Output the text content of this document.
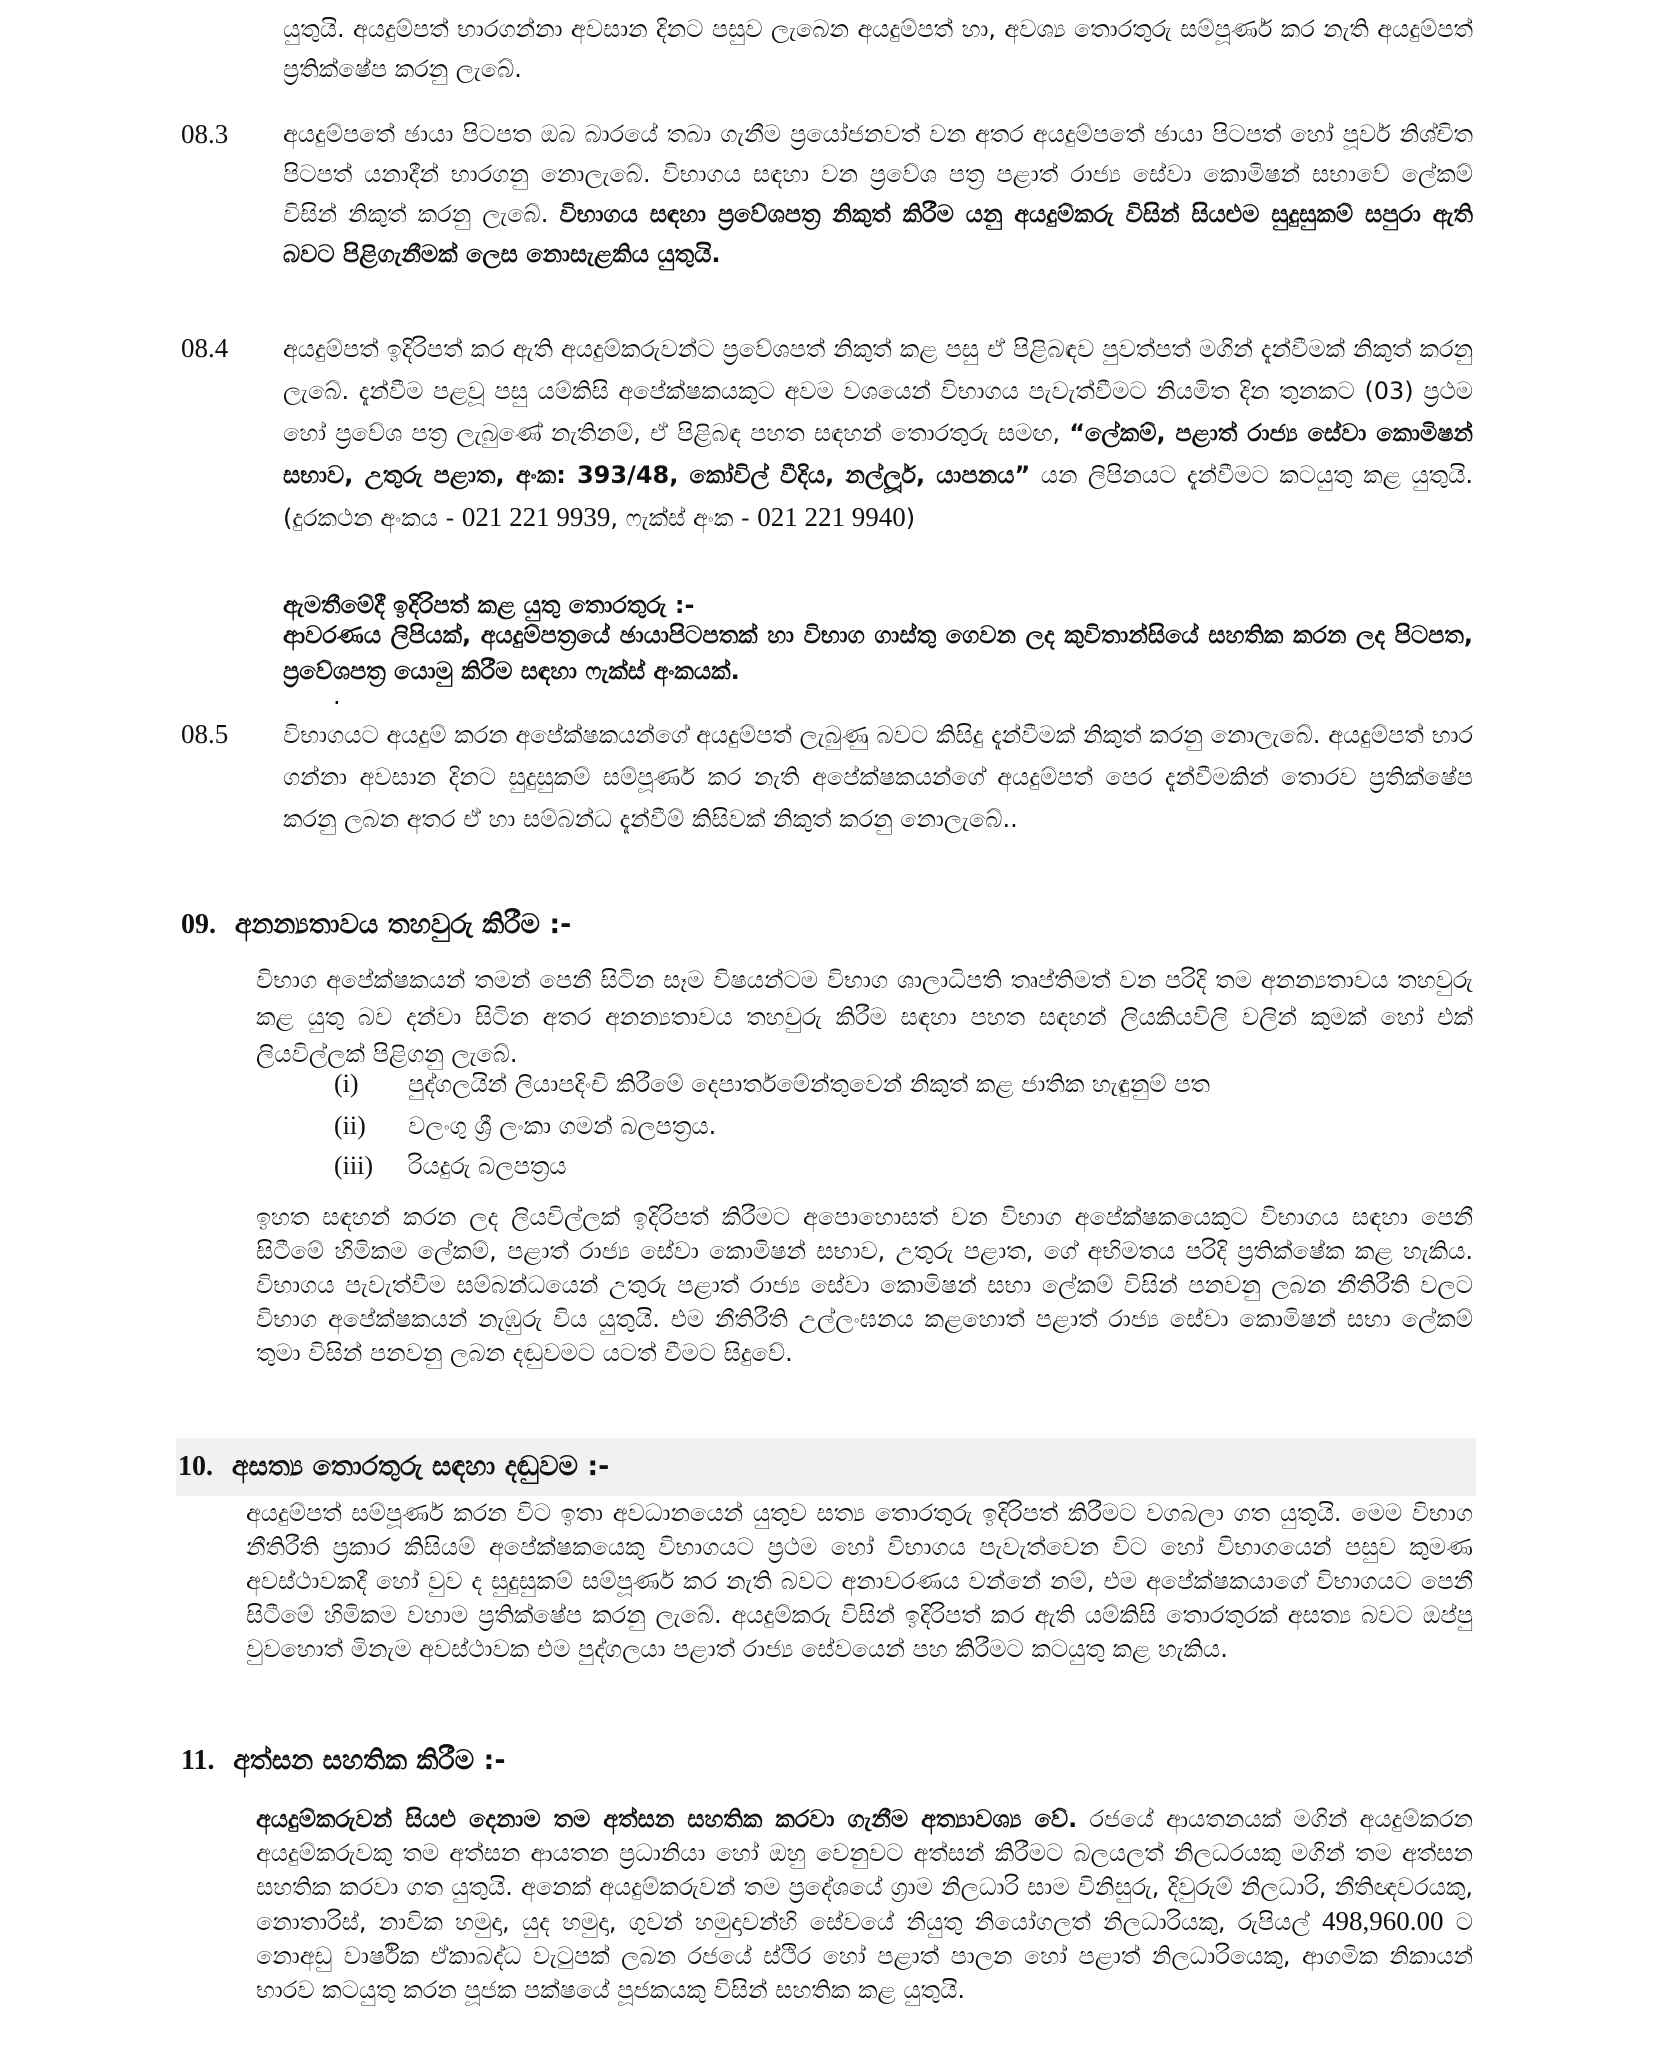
යුතුයි. අයදුම්පත් භාරගන්නා අවසාන දිනට පසුව ලැබෙන අයදුම්පත් හා, අවශ්‍ය තොරතුරු සම්පූර්ණ කර නැති අයදුම්පත් ප්‍රතික්ෂේප කරනු ලැබේ.
08.3 අයදුම්පතේ ඡායා පිටපත ඔබ බාරයේ තබා ගැනීම ප්‍රයෝජනවත් වන අතර අයදුම්පතේ ඡායා පිටපත් හෝ පූර්ව නිශ්චිත පිටපත් යනාදීන් භාරගනු නොලැබේ. විභාගය සඳහා වන ප්‍රවේශ පත්‍ර පළාත් රාජ්‍ය සේවා කොමිෂන් සභාවේ ලේකම් විසින් නිකුත් කරනු ලැබේ. විභාගය සඳහා ප්‍රවේශපත්‍ර නිකුත් කිරීම යනු අයදුම්කරු විසින් සියළුම සුදුසුකම් සපුරා ඇති බවට පිළිගැනීමක් ලෙස නොසැළකිය යුතුයි.
08.4 අයදුම්පත් ඉදිරිපත් කර ඇති අයදුම්කරුවන්ට ප්‍රවේශපත් නිකුත් කළ පසු ඒ පිළිබඳව පුවත්පත් මගින් දැන්වීමක් නිකුත් කරනු ලැබේ. දැන්වීම පළවූ පසු යම්කිසි අපේක්ෂකයකුට අවම වශයෙන් විභාගය පැවැත්වීමට නියමිත දින තුනකට (03) ප්‍රථම හෝ ප්‍රවේශ පත්‍ර ලැබුණේ නැතිනම්, ඒ පිළිබඳ පහත සඳහන් තොරතුරු සමඟ, “ලේකම්, පළාත් රාජ්‍ය සේවා කොමිෂන් සභාව, උතුරු පළාත, අංක: 393/48, කෝවිල් වීදිය, නල්ලූර්, යාපනය” යන ලිපිනයට දැන්වීමට කටයුතු කළ යුතුයි. (දුරකථන අංකය - 021 221 9939, ෆැක්ස් අංක - 021 221 9940)
ඇමතීමේදී ඉදිරිපත් කළ යුතු තොරතුරු :-
ආවරණය ලිපියක්, අයදුම්පත්‍රයේ ඡායාපිටපතක් හා විභාග ගාස්තු ගෙවන ලද කුවිතාන්සියේ සහතික කරන ලද පිටපත, ප්‍රවේශපත්‍ර යොමු කිරීම සඳහා ෆැක්ස් අංකයක්.
.
08.5 විභාගයට අයදුම් කරන අපේක්ෂකයන්ගේ අයදුම්පත් ලැබුණු බවට කිසිදු දැන්වීමක් නිකුත් කරනු නොලැබේ. අයදුම්පත් භාර ගන්නා අවසාන දිනට සුදුසුකම් සම්පූර්ණ කර නැති අපේක්ෂකයන්ගේ අයදුම්පත් පෙර දැන්වීමකින් තොරව ප්‍රතික්ෂේප කරනු ලබන අතර ඒ හා සම්බන්ධ දැන්වීම් කිසිවක් නිකුත් කරනු නොලැබේ..
09. අනන්‍යතාවය තහවුරු කිරීම :-
විභාග අපේක්ෂකයන් තමන් පෙනී සිටින සෑම විෂයන්ටම විභාග ශාලාධිපති තෘප්තිමත් වන පරිදි තම අනන්‍යතාවය තහවුරු කළ යුතු බව දන්වා සිටින අතර අනන්‍යතාවය තහවුරු කිරීම සඳහා පහත සඳහන් ලියකියවිලි වලින් කුමක් හෝ එක් ලියවිල්ලක් පිළිගනු ලැබේ.
(i) පුද්ගලයින් ලියාපදිංචි කිරීමේ දෙපාර්තමේන්තුවෙන් නිකුත් කළ ජාතික හැඳුනුම් පත
(ii) වලංගු ශ්‍රී ලංකා ගමන් බලපත්‍රය.
(iii) රියදුරු බලපත්‍රය
ඉහත සඳහන් කරන ලද ලියවිල්ලක් ඉදිරිපත් කිරීමට අපොහොසත් වන විභාග අපේක්ෂකයෙකුට විභාගය සඳහා පෙනී සිටීමේ හිමිකම ලේකම්, පළාත් රාජ්‍ය සේවා කොමිෂන් සභාව, උතුරු පළාත, ගේ අභිමතය පරිදි ප්‍රතික්ෂේක කළ හැකිය. විභාගය පැවැත්වීම සම්බන්ධයෙන් උතුරු පළාත් රාජ්‍ය සේවා කොමිෂන් සභා ලේකම් විසින් පනවනු ලබන නීතිරීති වලට විභාග අපේක්ෂකයන් නැඹුරු විය යුතුයි. එම නීතිරීති උල්ලංඝනය කළහොත් පළාත් රාජ්‍ය සේවා කොමිෂන් සභා ලේකම් තුමා විසින් පනවනු ලබන දඬුවමට යටත් වීමට සිදුවේ.
10. අසත්‍ය තොරතුරු සඳහා දඬුවම :-
අයදුම්පත් සම්පූර්ණ කරන විට ඉතා අවධානයෙන් යුතුව සත්‍ය තොරතුරු ඉදිරිපත් කිරීමට වගබලා ගත යුතුයි. මෙම විභාග නීතිරීති ප්‍රකාර කිසියම් අපේක්ෂකයෙකු විභාගයට ප්‍රථම හෝ විභාගය පැවැත්වෙන විට හෝ විභාගයෙන් පසුව කුමණ අවස්ථාවකදී හෝ වුව ද සුදුසුකම් සම්පූර්ණ කර නැති බවට අනාවරණය වන්නේ නම්, එම අපේක්ෂකයාගේ විභාගයට පෙනී සිටීමේ හිමිකම වහාම ප්‍රතික්ෂේප කරනු ලැබේ. අයදුම්කරු විසින් ඉදිරිපත් කර ඇති යම්කිසි තොරතුරක් අසත්‍ය බවට ඔප්පු වුවහොත් මිනැම අවස්ථාවක එම පුද්ගලයා පළාත් රාජ්‍ය සේවයෙන් පහ කිරීමට කටයුතු කළ හැකිය.
11. අත්සන සහතික කිරීම :-
අයදුම්කරුවන් සියළු දෙනාම තම අත්සන සහතික කරවා ගැනීම අත්‍යාවශ්‍ය වේ. රජයේ ආයතනයක් මගින් අයදුම්කරන අයදුම්කරුවකු තම අත්සන ආයතන ප්‍රධානියා හෝ ඔහු වෙනුවට අත්සන් කිරීමට බලයලත් නිලධරයකු මගින් තම අත්සන සහතික කරවා ගත යුතුයි. අනෙක් අයදුම්කරුවන් තම ප්‍රදේශයේ ග්‍රාම නිලධාරි සාම විනිසුරු, දිවුරුම් නිලධාරි, නීතිඥවරයකු, නොතාරිස්, නාවික හමුදා, යුද හමුදා, ගුවන් හමුදාවන්හි සේවයේ නියුතු නියෝගලත් නිලධාරියකු, රුපියල් 498,960.00 ට නොඅඩු වාර්ෂික ඒකාබද්ධ වැටුපක් ලබන රජයේ ස්ථිර හෝ පළාත් පාලන හෝ පළාත් නිලධාරියෙකු, ආගමික නිකායන් භාරව කටයුතු කරන පූජක පක්ෂයේ පූජකයකු විසින් සහතික කළ යුතුයි.
